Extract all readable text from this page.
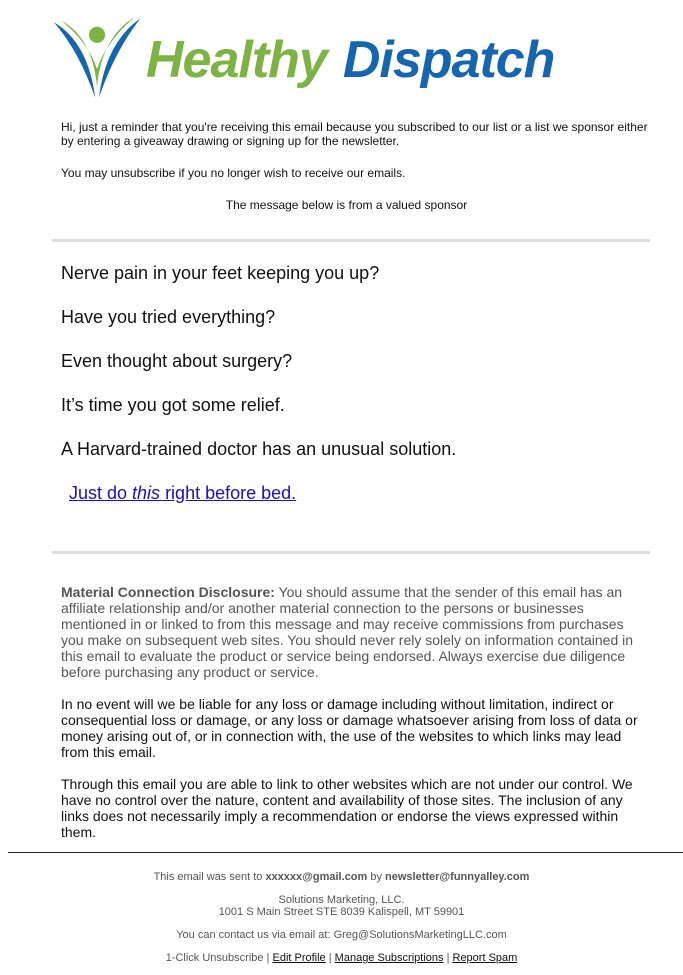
Healthy Dispatch

Hi, just a reminder that you're receiving this email because you subscribed to our list or a list we sponsor either by entering a giveaway drawing or signing up for the newsletter.

You may unsubscribe if you no longer wish to receive our emails.

The message below is from a valued sponsor

Nerve pain in your feet keeping you up?

Have you tried everything?

Even thought about surgery?

It’s time you got some relief.

A Harvard-trained doctor has an unusual solution.

Just do this right before bed.

Material Connection Disclosure: You should assume that the sender of this email has an affiliate relationship and/or another material connection to the persons or businesses mentioned in or linked to from this message and may receive commissions from purchases you make on subsequent web sites. You should never rely solely on information contained in this email to evaluate the product or service being endorsed. Always exercise due diligence before purchasing any product or service.

In no event will we be liable for any loss or damage including without limitation, indirect or consequential loss or damage, or any loss or damage whatsoever arising from loss of data or money arising out of, or in connection with, the use of the websites to which links may lead from this email.

Through this email you are able to link to other websites which are not under our control. We have no control over the nature, content and availability of those sites. The inclusion of any links does not necessarily imply a recommendation or endorse the views expressed within them.

This email was sent to xxxxxx@gmail.com by newsletter@funnyalley.com

Solutions Marketing, LLC.
1001 S Main Street STE 8039 Kalispell, MT 59901

You can contact us via email at: Greg@SolutionsMarketingLLC.com

1-Click Unsubscribe | Edit Profile | Manage Subscriptions | Report Spam
